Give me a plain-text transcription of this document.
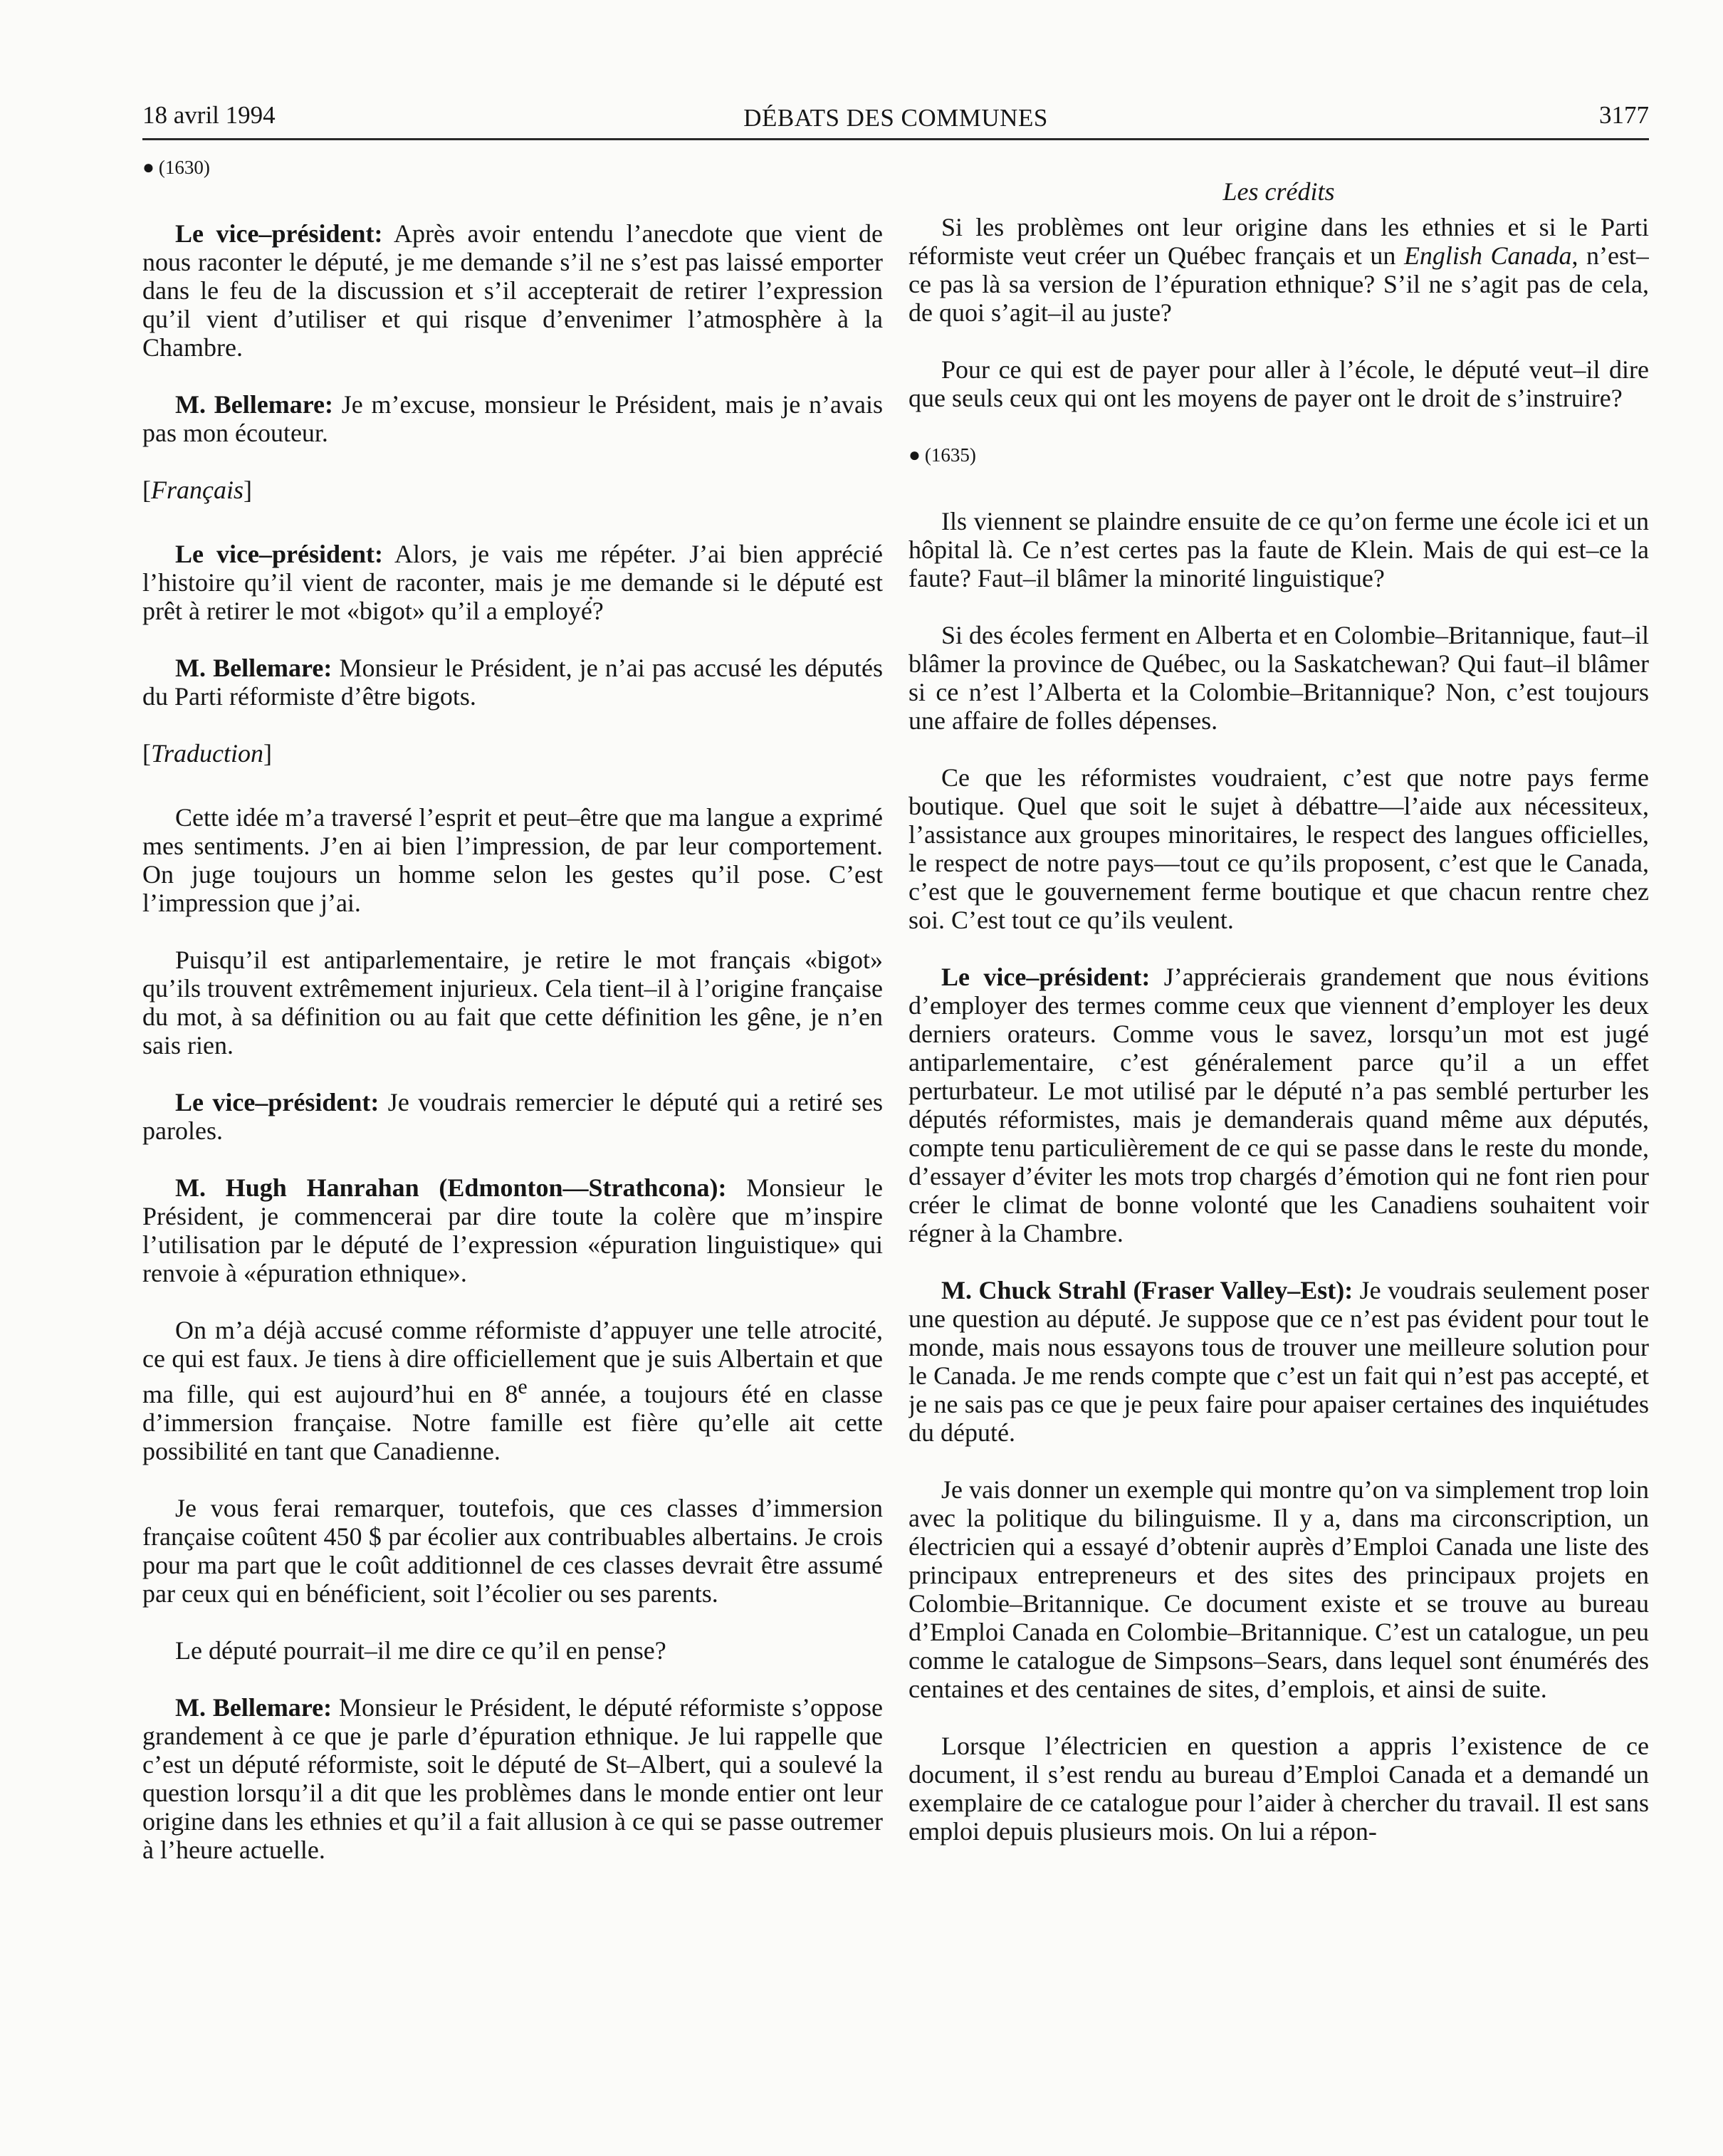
18 avril 1994	DÉBATS DES COMMUNES	3177
● (1630)

Le vice–président: Après avoir entendu l’anecdote que vient de nous raconter le député, je me demande s’il ne s’est pas laissé emporter dans le feu de la discussion et s’il accepterait de retirer l’expression qu’il vient d’utiliser et qui risque d’envenimer l’atmosphère à la Chambre.

M. Bellemare: Je m’excuse, monsieur le Président, mais je n’avais pas mon écouteur.

[Français]

Le vice–président: Alors, je vais me répéter. J’ai bien apprécié l’histoire qu’il vient de raconter, mais je me demande si le député est prêt à retirer le mot «bigot» qu’il a employé?

M. Bellemare: Monsieur le Président, je n’ai pas accusé les députés du Parti réformiste d’être bigots.

[Traduction]

Cette idée m’a traversé l’esprit et peut–être que ma langue a exprimé mes sentiments. J’en ai bien l’impression, de par leur comportement. On juge toujours un homme selon les gestes qu’il pose. C’est l’impression que j’ai.

Puisqu’il est antiparlementaire, je retire le mot français «bigot» qu’ils trouvent extrêmement injurieux. Cela tient–il à l’origine française du mot, à sa définition ou au fait que cette définition les gêne, je n’en sais rien.

Le vice–président: Je voudrais remercier le député qui a retiré ses paroles.

M. Hugh Hanrahan (Edmonton—Strathcona): Monsieur le Président, je commencerai par dire toute la colère que m’inspire l’utilisation par le député de l’expression «épuration linguistique» qui renvoie à «épuration ethnique».

On m’a déjà accusé comme réformiste d’appuyer une telle atrocité, ce qui est faux. Je tiens à dire officiellement que je suis Albertain et que ma fille, qui est aujourd’hui en 8e année, a toujours été en classe d’immersion française. Notre famille est fière qu’elle ait cette possibilité en tant que Canadienne.

Je vous ferai remarquer, toutefois, que ces classes d’immersion française coûtent 450 $ par écolier aux contribuables albertains. Je crois pour ma part que le coût additionnel de ces classes devrait être assumé par ceux qui en bénéficient, soit l’écolier ou ses parents.

Le député pourrait–il me dire ce qu’il en pense?

M. Bellemare: Monsieur le Président, le député réformiste s’oppose grandement à ce que je parle d’épuration ethnique. Je lui rappelle que c’est un député réformiste, soit le député de St–Albert, qui a soulevé la question lorsqu’il a dit que les problèmes dans le monde entier ont leur origine dans les ethnies et qu’il a fait allusion à ce qui se passe outremer à l’heure actuelle.

Les crédits

Si les problèmes ont leur origine dans les ethnies et si le Parti réformiste veut créer un Québec français et un English Canada, n’est–ce pas là sa version de l’épuration ethnique? S’il ne s’agit pas de cela, de quoi s’agit–il au juste?

Pour ce qui est de payer pour aller à l’école, le député veut–il dire que seuls ceux qui ont les moyens de payer ont le droit de s’instruire?

● (1635)

Ils viennent se plaindre ensuite de ce qu’on ferme une école ici et un hôpital là. Ce n’est certes pas la faute de Klein. Mais de qui est–ce la faute? Faut–il blâmer la minorité linguistique?

Si des écoles ferment en Alberta et en Colombie–Britannique, faut–il blâmer la province de Québec, ou la Saskatchewan? Qui faut–il blâmer si ce n’est l’Alberta et la Colombie–Britannique? Non, c’est toujours une affaire de folles dépenses.

Ce que les réformistes voudraient, c’est que notre pays ferme boutique. Quel que soit le sujet à débattre—l’aide aux nécessiteux, l’assistance aux groupes minoritaires, le respect des langues officielles, le respect de notre pays—tout ce qu’ils proposent, c’est que le Canada, c’est que le gouvernement ferme boutique et que chacun rentre chez soi. C’est tout ce qu’ils veulent.

Le vice–président: J’apprécierais grandement que nous évitions d’employer des termes comme ceux que viennent d’employer les deux derniers orateurs. Comme vous le savez, lorsqu’un mot est jugé antiparlementaire, c’est généralement parce qu’il a un effet perturbateur. Le mot utilisé par le député n’a pas semblé perturber les députés réformistes, mais je demanderais quand même aux députés, compte tenu particulièrement de ce qui se passe dans le reste du monde, d’essayer d’éviter les mots trop chargés d’émotion qui ne font rien pour créer le climat de bonne volonté que les Canadiens souhaitent voir régner à la Chambre.

M. Chuck Strahl (Fraser Valley–Est): Je voudrais seulement poser une question au député. Je suppose que ce n’est pas évident pour tout le monde, mais nous essayons tous de trouver une meilleure solution pour le Canada. Je me rends compte que c’est un fait qui n’est pas accepté, et je ne sais pas ce que je peux faire pour apaiser certaines des inquiétudes du député.

Je vais donner un exemple qui montre qu’on va simplement trop loin avec la politique du bilinguisme. Il y a, dans ma circonscription, un électricien qui a essayé d’obtenir auprès d’Emploi Canada une liste des principaux entrepreneurs et des sites des principaux projets en Colombie–Britannique. Ce document existe et se trouve au bureau d’Emploi Canada en Colombie–Britannique. C’est un catalogue, un peu comme le catalogue de Simpsons–Sears, dans lequel sont énumérés des centaines et des centaines de sites, d’emplois, et ainsi de suite.

Lorsque l’électricien en question a appris l’existence de ce document, il s’est rendu au bureau d’Emploi Canada et a demandé un exemplaire de ce catalogue pour l’aider à chercher du travail. Il est sans emploi depuis plusieurs mois. On lui a répon-
